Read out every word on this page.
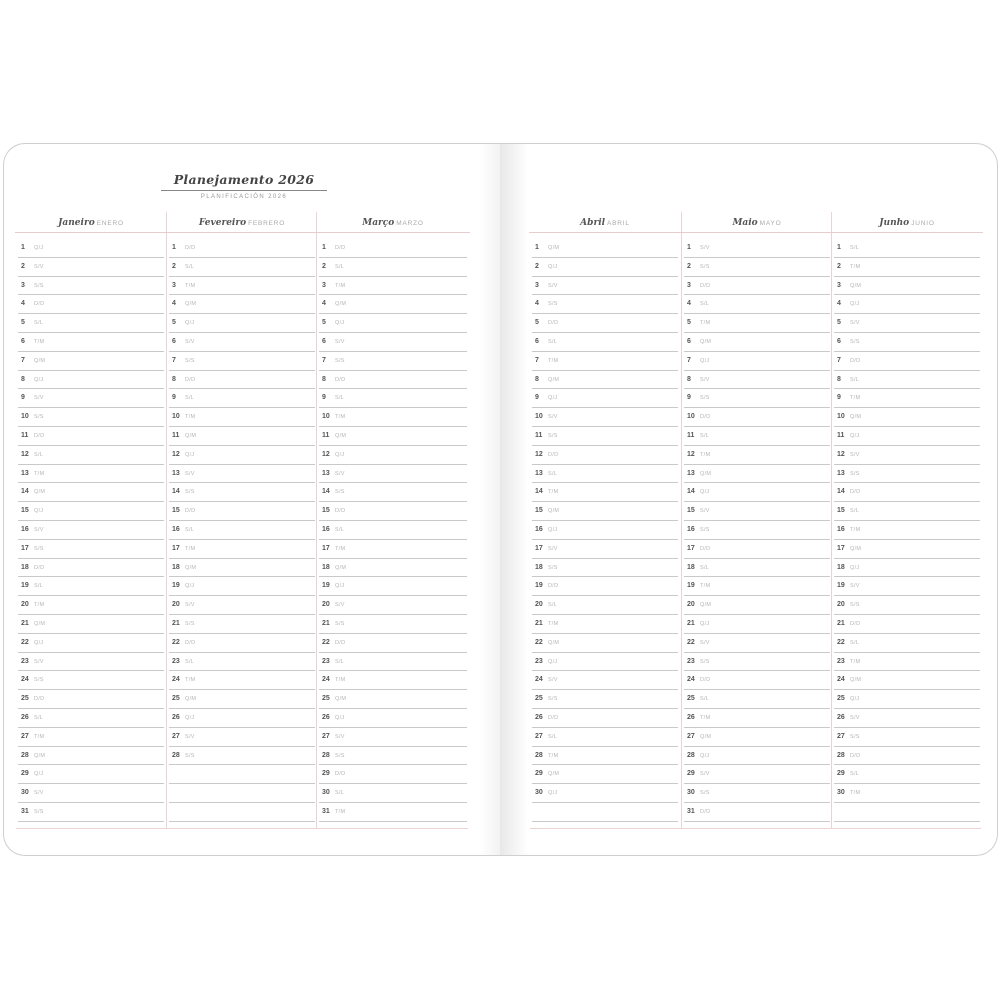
Planejamento 2026
PLANIFICACIÓN 2026
Janeiro ENERO
1 Q/J
2 S/V
3 S/S
4 D/D
5 S/L
6 T/M
7 Q/M
8 Q/J
9 S/V
10 S/S
11 D/D
12 S/L
13 T/M
14 Q/M
15 Q/J
16 S/V
17 S/S
18 D/D
19 S/L
20 T/M
21 Q/M
22 Q/J
23 S/V
24 S/S
25 D/D
26 S/L
27 T/M
28 Q/M
29 Q/J
30 S/V
31 S/S
Fevereiro FEBRERO
1 D/D
2 S/L
3 T/M
4 Q/M
5 Q/J
6 S/V
7 S/S
8 D/D
9 S/L
10 T/M
11 Q/M
12 Q/J
13 S/V
14 S/S
15 D/D
16 S/L
17 T/M
18 Q/M
19 Q/J
20 S/V
21 S/S
22 D/D
23 S/L
24 T/M
25 Q/M
26 Q/J
27 S/V
28 S/S
Março MARZO
1 D/D
2 S/L
3 T/M
4 Q/M
5 Q/J
6 S/V
7 S/S
8 D/D
9 S/L
10 T/M
11 Q/M
12 Q/J
13 S/V
14 S/S
15 D/D
16 S/L
17 T/M
18 Q/M
19 Q/J
20 S/V
21 S/S
22 D/D
23 S/L
24 T/M
25 Q/M
26 Q/J
27 S/V
28 S/S
29 D/D
30 S/L
31 T/M
Abril ABRIL
1 Q/M
2 Q/J
3 S/V
4 S/S
5 D/D
6 S/L
7 T/M
8 Q/M
9 Q/J
10 S/V
11 S/S
12 D/D
13 S/L
14 T/M
15 Q/M
16 Q/J
17 S/V
18 S/S
19 D/D
20 S/L
21 T/M
22 Q/M
23 Q/J
24 S/V
25 S/S
26 D/D
27 S/L
28 T/M
29 Q/M
30 Q/J
Maio MAYO
1 S/V
2 S/S
3 D/D
4 S/L
5 T/M
6 Q/M
7 Q/J
8 S/V
9 S/S
10 D/D
11 S/L
12 T/M
13 Q/M
14 Q/J
15 S/V
16 S/S
17 D/D
18 S/L
19 T/M
20 Q/M
21 Q/J
22 S/V
23 S/S
24 D/D
25 S/L
26 T/M
27 Q/M
28 Q/J
29 S/V
30 S/S
31 D/D
Junho JUNIO
1 S/L
2 T/M
3 Q/M
4 Q/J
5 S/V
6 S/S
7 D/D
8 S/L
9 T/M
10 Q/M
11 Q/J
12 S/V
13 S/S
14 D/D
15 S/L
16 T/M
17 Q/M
18 Q/J
19 S/V
20 S/S
21 D/D
22 S/L
23 T/M
24 Q/M
25 Q/J
26 S/V
27 S/S
28 D/D
29 S/L
30 T/M
